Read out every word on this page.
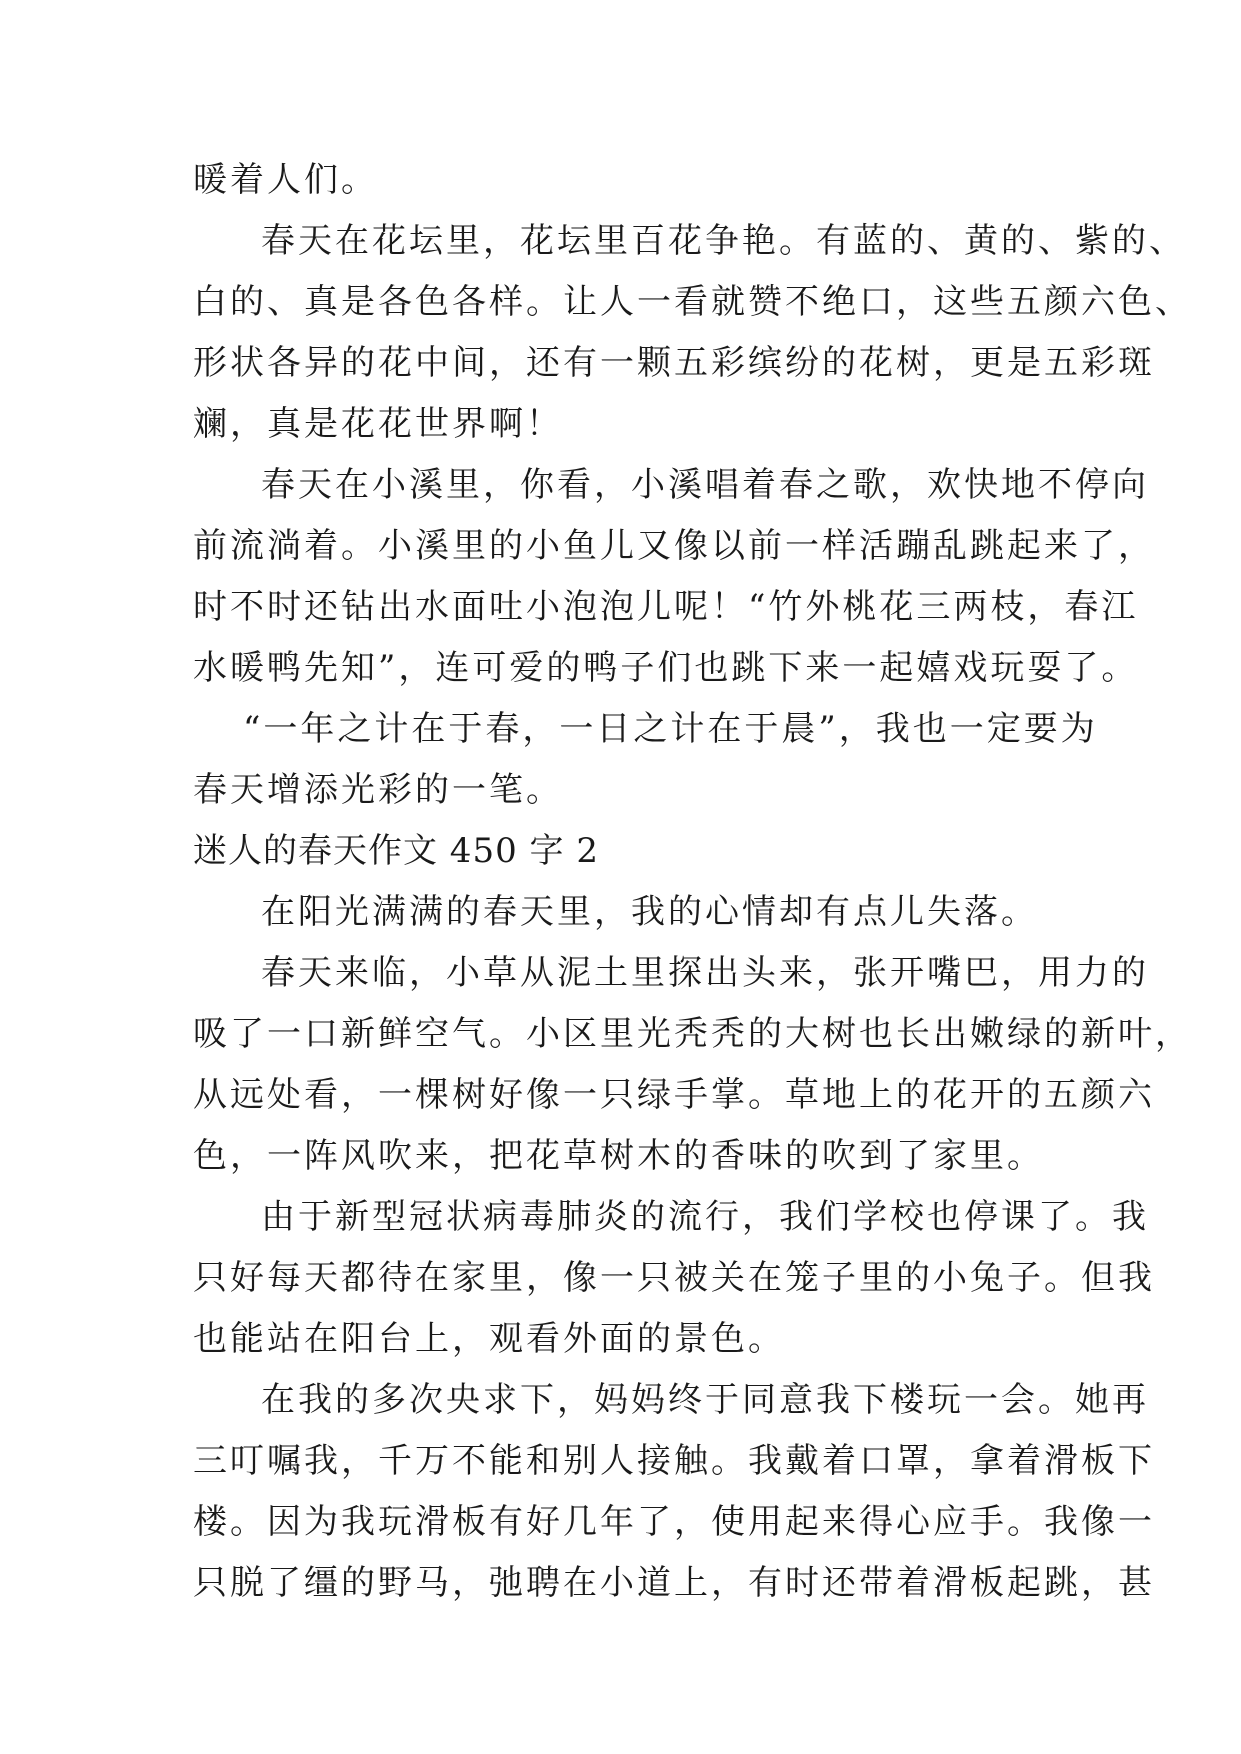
暖着人们。
春天在花坛里，花坛里百花争艳。有蓝的、黄的、紫的、
白的、真是各色各样。让人一看就赞不绝口，这些五颜六色、
形状各异的花中间，还有一颗五彩缤纷的花树，更是五彩斑
斓，真是花花世界啊！
春天在小溪里，你看，小溪唱着春之歌，欢快地不停向
前流淌着。小溪里的小鱼儿又像以前一样活蹦乱跳起来了，
时不时还钻出水面吐小泡泡儿呢！“竹外桃花三两枝，春江
水暖鸭先知”，连可爱的鸭子们也跳下来一起嬉戏玩耍了。
“一年之计在于春，一日之计在于晨”，我也一定要为
春天增添光彩的一笔。
迷人的春天作文 450 字 2
在阳光满满的春天里，我的心情却有点儿失落。
春天来临，小草从泥土里探出头来，张开嘴巴，用力的
吸了一口新鲜空气。小区里光秃秃的大树也长出嫩绿的新叶，
从远处看，一棵树好像一只绿手掌。草地上的花开的五颜六
色，一阵风吹来，把花草树木的香味的吹到了家里。
由于新型冠状病毒肺炎的流行，我们学校也停课了。我
只好每天都待在家里，像一只被关在笼子里的小兔子。但我
也能站在阳台上，观看外面的景色。
在我的多次央求下，妈妈终于同意我下楼玩一会。她再
三叮嘱我，千万不能和别人接触。我戴着口罩，拿着滑板下
楼。因为我玩滑板有好几年了，使用起来得心应手。我像一
只脱了缰的野马，弛聘在小道上，有时还带着滑板起跳，甚
